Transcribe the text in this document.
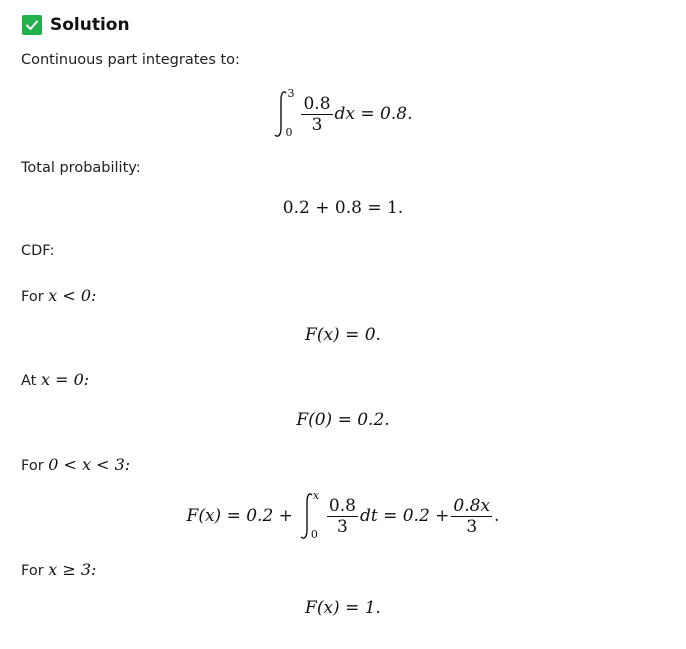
Solution
Continuous part integrates to:
3
$0 \frac{0.8}{3}$ dx = 0.8.
Total probability:
0.2 + 0.8 = 1.
CDF:
For x < 0:
F(x) = 0.
At x = 0:
F(0) = 0.2.
For 0 < x < 3:
F(x) = 0.2 +
x
$0 \frac{0.8}{3}$ dt = $0.2 + \frac{0.8x}{3}$ .
For x ≥ 3:
F(x) = 1.
